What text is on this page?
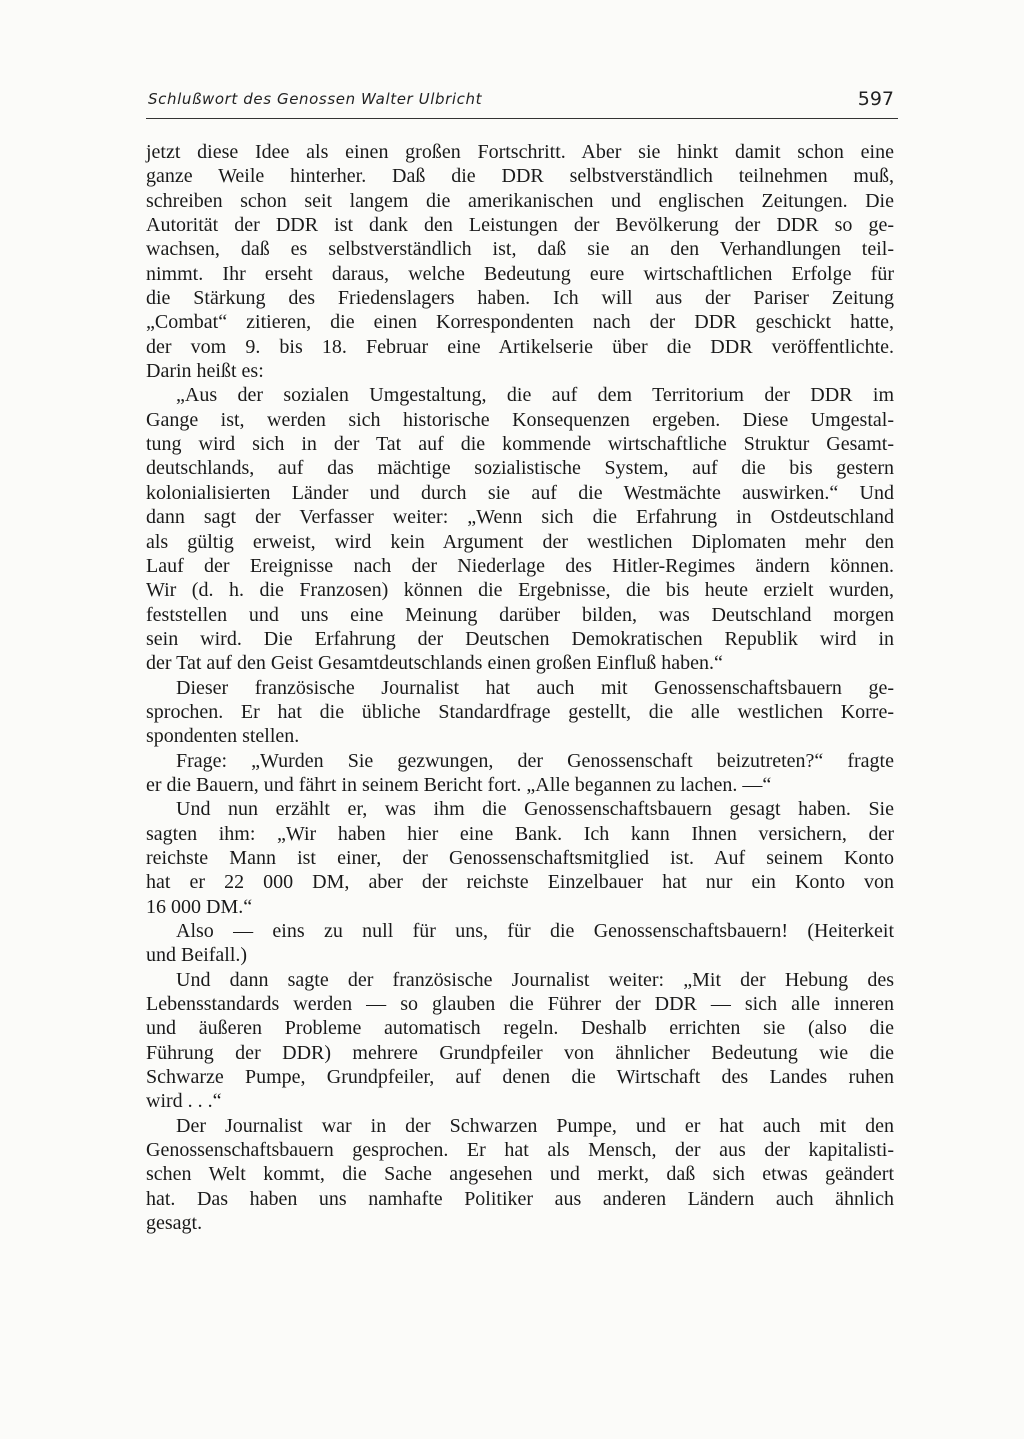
Schlußwort des Genossen Walter Ulbricht	597
jetzt diese Idee als einen großen Fortschritt. Aber sie hinkt damit schon eine
ganze Weile hinterher. Daß die DDR selbstverständlich teilnehmen muß,
schreiben schon seit langem die amerikanischen und englischen Zeitungen. Die
Autorität der DDR ist dank den Leistungen der Bevölkerung der DDR so ge-
wachsen, daß es selbstverständlich ist, daß sie an den Verhandlungen teil-
nimmt. Ihr erseht daraus, welche Bedeutung eure wirtschaftlichen Erfolge für
die Stärkung des Friedenslagers haben. Ich will aus der Pariser Zeitung
„Combat“ zitieren, die einen Korrespondenten nach der DDR geschickt hatte,
der vom 9. bis 18. Februar eine Artikelserie über die DDR veröffentlichte.
Darin heißt es:
„Aus der sozialen Umgestaltung, die auf dem Territorium der DDR im
Gange ist, werden sich historische Konsequenzen ergeben. Diese Umgestal-
tung wird sich in der Tat auf die kommende wirtschaftliche Struktur Gesamt-
deutschlands, auf das mächtige sozialistische System, auf die bis gestern
kolonialisierten Länder und durch sie auf die Westmächte auswirken.“ Und
dann sagt der Verfasser weiter: „Wenn sich die Erfahrung in Ostdeutschland
als gültig erweist, wird kein Argument der westlichen Diplomaten mehr den
Lauf der Ereignisse nach der Niederlage des Hitler-Regimes ändern können.
Wir (d. h. die Franzosen) können die Ergebnisse, die bis heute erzielt wurden,
feststellen und uns eine Meinung darüber bilden, was Deutschland morgen
sein wird. Die Erfahrung der Deutschen Demokratischen Republik wird in
der Tat auf den Geist Gesamtdeutschlands einen großen Einfluß haben.“
Dieser französische Journalist hat auch mit Genossenschaftsbauern ge-
sprochen. Er hat die übliche Standardfrage gestellt, die alle westlichen Korre-
spondenten stellen.
Frage: „Wurden Sie gezwungen, der Genossenschaft beizutreten?“ fragte
er die Bauern, und fährt in seinem Bericht fort. „Alle begannen zu lachen. —“
Und nun erzählt er, was ihm die Genossenschaftsbauern gesagt haben. Sie
sagten ihm: „Wir haben hier eine Bank. Ich kann Ihnen versichern, der
reichste Mann ist einer, der Genossenschaftsmitglied ist. Auf seinem Konto
hat er 22 000 DM, aber der reichste Einzelbauer hat nur ein Konto von
16 000 DM.“
Also — eins zu null für uns, für die Genossenschaftsbauern! (Heiterkeit
und Beifall.)
Und dann sagte der französische Journalist weiter: „Mit der Hebung des
Lebensstandards werden — so glauben die Führer der DDR — sich alle inneren
und äußeren Probleme automatisch regeln. Deshalb errichten sie (also die
Führung der DDR) mehrere Grundpfeiler von ähnlicher Bedeutung wie die
Schwarze Pumpe, Grundpfeiler, auf denen die Wirtschaft des Landes ruhen
wird . . .“
Der Journalist war in der Schwarzen Pumpe, und er hat auch mit den
Genossenschaftsbauern gesprochen. Er hat als Mensch, der aus der kapitalisti-
schen Welt kommt, die Sache angesehen und merkt, daß sich etwas geändert
hat. Das haben uns namhafte Politiker aus anderen Ländern auch ähnlich
gesagt.
